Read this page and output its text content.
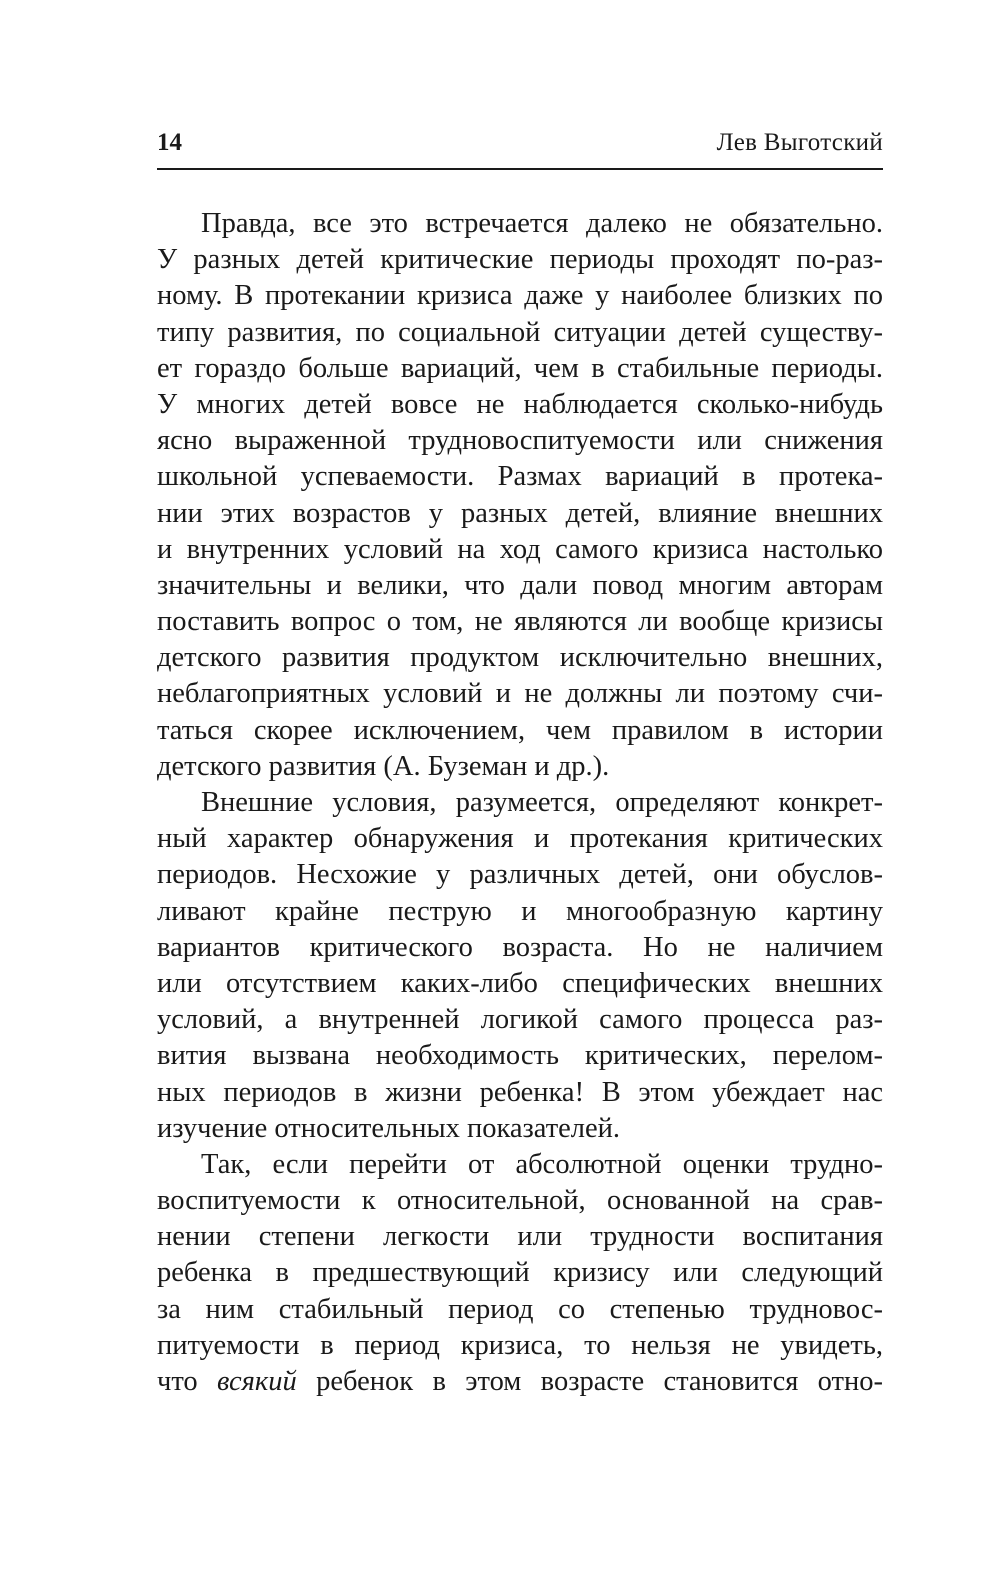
14	Лев Выготский
Правда, все это встречается далеко не обязательно.
У разных детей критические периоды проходят по-раз-
ному. В протекании кризиса даже у наиболее близких по
типу развития, по социальной ситуации детей существу-
ет гораздо больше вариаций, чем в стабильные периоды.
У многих детей вовсе не наблюдается сколько-нибудь
ясно выраженной трудновоспитуемости или снижения
школьной успеваемости. Размах вариаций в протека-
нии этих возрастов у разных детей, влияние внешних
и внутренних условий на ход самого кризиса настолько
значительны и велики, что дали повод многим авторам
поставить вопрос о том, не являются ли вообще кризисы
детского развития продуктом исключительно внешних,
неблагоприятных условий и не должны ли поэтому счи-
таться скорее исключением, чем правилом в истории
детского развития (А. Буземан и др.).
Внешние условия, разумеется, определяют конкрет-
ный характер обнаружения и протекания критических
периодов. Несхожие у различных детей, они обуслов-
ливают крайне пеструю и многообразную картину
вариантов критического возраста. Но не наличием
или отсутствием каких-либо специфических внешних
условий, а внутренней логикой самого процесса раз-
вития вызвана необходимость критических, перелом-
ных периодов в жизни ребенка! В этом убеждает нас
изучение относительных показателей.
Так, если перейти от абсолютной оценки трудно-
воспитуемости к относительной, основанной на срав-
нении степени легкости или трудности воспитания
ребенка в предшествующий кризису или следующий
за ним стабильный период со степенью трудновос-
питуемости в период кризиса, то нельзя не увидеть,
что всякий ребенок в этом возрасте становится отно-
